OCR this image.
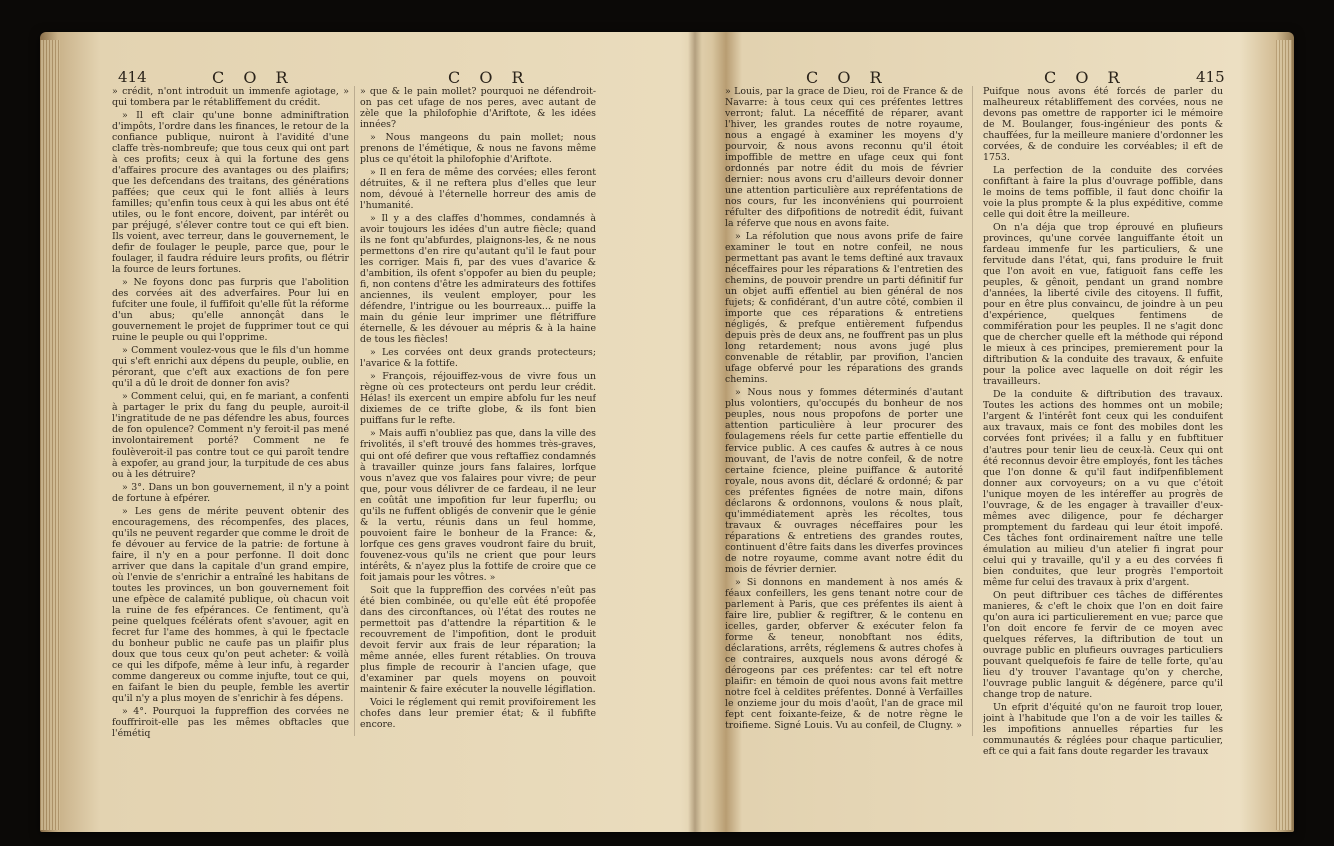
414	C O R	C O R	C O R	C O R	415

» crédit, n'ont introduit un immenfe agiotage, » qui tombera par le rétabliffement du crédit.

» Il eft clair qu'une bonne adminiftration d'impôts, l'ordre dans les finances, le retour de la confiance publique, nuiront à l'avidité d'une claffe très-nombreufe; que tous ceux qui ont part à ces profits; ceux à qui la fortune des gens d'affaires procure des avantages ou des plaifirs; que les defcendans des traitans, des générations paffées; que ceux qui le font alliés à leurs familles; qu'enfin tous ceux à qui les abus ont été utiles, ou le font encore, doivent, par intérêt ou par préjugé, s'élever contre tout ce qui eft bien. Ils voient, avec terreur, dans le gouvernement, le defir de foulager le peuple, parce que, pour le foulager, il faudra réduire leurs profits, ou flétrir la fource de leurs fortunes.

» Ne foyons donc pas furpris que l'abolition des corvées ait des adverfaires. Pour lui en fufciter une foule, il fuffifoit qu'elle fût la réforme d'un abus; qu'elle annonçât dans le gouvernement le projet de fupprimer tout ce qui ruine le peuple ou qui l'opprime.

» Comment voulez-vous que le fils d'un homme qui s'eft enrichi aux dépens du peuple, oublie, en pérorant, que c'eft aux exactions de fon pere qu'il a dû le droit de donner fon avis?

» Comment celui, qui, en fe mariant, a confenti à partager le prix du fang du peuple, auroit-il l'ingratitude de ne pas défendre les abus, fources de fon opulence? Comment n'y feroit-il pas mené involontairement porté? Comment ne fe foulèveroit-il pas contre tout ce qui paroît tendre à expofer, au grand jour, la turpitude de ces abus ou à les détruire?

» 3°. Dans un bon gouvernement, il n'y a point de fortune à efpérer.

» Les gens de mérite peuvent obtenir des encouragemens, des récompenfes, des places, qu'ils ne peuvent regarder que comme le droit de fe dévouer au fervice de la patrie: de fortune à faire, il n'y en a pour perfonne. Il doit donc arriver que dans la capitale d'un grand empire, où l'envie de s'enrichir a entraîné les habitans de toutes les provinces, un bon gouvernement foit une efpèce de calamité publique, où chacun voit la ruine de fes efpérances. Ce fentiment, qu'à peine quelques fcélérats ofent s'avouer, agit en fecret fur l'ame des hommes, à qui le fpectacle du bonheur public ne caufe pas un plaifir plus doux que tous ceux qu'on peut acheter: & voilà ce qui les difpofe, même à leur infu, à regarder comme dangereux ou comme injufte, tout ce qui, en faifant le bien du peuple, femble les avertir qu'il n'y a plus moyen de s'enrichir à fes dépens.

» 4°. Pourquoi la fuppreffion des corvées ne fouffriroit-elle pas les mêmes obftacles que l'émétiq

» que & le pain mollet? pourquoi ne défendroit-on pas cet ufage de nos peres, avec autant de zèle que la philofophie d'Ariftote, & les idées innées?

» Nous mangeons du pain mollet; nous prenons de l'émétique, & nous ne favons même plus ce qu'étoit la philofophie d'Ariftote.

» Il en fera de même des corvées; elles feront détruites, & il ne reftera plus d'elles que leur nom, dévoué à l'éternelle horreur des amis de l'humanité.

» Il y a des claffes d'hommes, condamnés à avoir toujours les idées d'un autre fiècle; quand ils ne font qu'abfurdes, plaignons-les, & ne nous permettons d'en rire qu'autant qu'il le faut pour les corriger. Mais fi, par des vues d'avarice & d'ambition, ils ofent s'oppofer au bien du peuple; fi, non contens d'être les admirateurs des fottifes anciennes, ils veulent employer, pour les défendre, l'intrigue ou les bourreaux... puiffe la main du génie leur imprimer une flétriffure éternelle, & les dévouer au mépris & à la haine de tous les fiècles!

» Les corvées ont deux grands protecteurs; l'avarice & la fottife.

» François, réjouiffez-vous de vivre fous un règne où ces protecteurs ont perdu leur crédit. Hélas! ils exercent un empire abfolu fur les neuf dixiemes de ce trifte globe, & ils font bien puiffans fur le refte.

» Mais auffi n'oubliez pas que, dans la ville des frivolités, il s'eft trouvé des hommes très-graves, qui ont ofé defirer que vous reftaffiez condamnés à travailler quinze jours fans falaires, lorfque vous n'avez que vos falaires pour vivre; de peur que, pour vous délivrer de ce fardeau, il ne leur en coûtât une impofition fur leur fuperflu; ou qu'ils ne fuffent obligés de convenir que le génie & la vertu, réunis dans un feul homme, pouvoient faire le bonheur de la France: &, lorfque ces gens graves voudront faire du bruit, fouvenez-vous qu'ils ne crient que pour leurs intérêts, & n'ayez plus la fottife de croire que ce foit jamais pour les vôtres. »

Soit que la fuppreffion des corvées n'eût pas été bien combinée, ou qu'elle eût été propofée dans des circonftances, où l'état des routes ne permettoit pas d'attendre la répartition & le recouvrement de l'impofition, dont le produit devoit fervir aux frais de leur réparation; la même année, elles furent rétablies. On trouva plus fimple de recourir à l'ancien ufage, que d'examiner par quels moyens on pouvoit maintenir & faire exécuter la nouvelle légiflation.

Voici le réglement qui remit provifoirement les chofes dans leur premier état; & il fubfifte encore.

» Louis, par la grace de Dieu, roi de France & de Navarre: à tous ceux qui ces préfentes lettres verront; falut. La néceffité de réparer, avant l'hiver, les grandes routes de notre royaume, nous a engagé à examiner les moyens d'y pourvoir, & nous avons reconnu qu'il étoit impoffible de mettre en ufage ceux qui font ordonnés par notre édit du mois de février dernier: nous avons cru d'ailleurs devoir donner une attention particulière aux repréfentations de nos cours, fur les inconvéniens qui pourroient réfulter des difpofitions de notredit édit, fuivant la réferve que nous en avons faite.

» La réfolution que nous avons prife de faire examiner le tout en notre confeil, ne nous permettant pas avant le tems deftiné aux travaux néceffaires pour les réparations & l'entretien des chemins, de pouvoir prendre un parti définitif fur un objet auffi effentiel au bien général de nos fujets; & confidérant, d'un autre côté, combien il importe que ces réparations & entretiens négligés, & prefque entièrement fufpendus depuis près de deux ans, ne fouffrent pas un plus long retardement; nous avons jugé plus convenable de rétablir, par provifion, l'ancien ufage obfervé pour les réparations des grands chemins.

» Nous nous y fommes déterminés d'autant plus volontiers, qu'occupés du bonheur de nos peuples, nous nous propofons de porter une attention particulière à leur procurer des foulagemens réels fur cette partie effentielle du fervice public. A ces caufes & autres à ce nous mouvant, de l'avis de notre confeil, & de notre certaine fcience, pleine puiffance & autorité royale, nous avons dit, déclaré & ordonné; & par ces préfentes fignées de notre main, difons déclarons & ordonnons, voulons & nous plaît, qu'immédiatement après les récoltes, tous travaux & ouvrages néceffaires pour les réparations & entretiens des grandes routes, continuent d'être faits dans les diverfes provinces de notre royaume, comme avant notre édit du mois de février dernier.

» Si donnons en mandement à nos amés & féaux confeillers, les gens tenant notre cour de parlement à Paris, que ces préfentes ils aient à faire lire, publier & regiftrer, & le contenu en icelles, garder, obferver & exécuter felon fa forme & teneur, nonobftant nos édits, déclarations, arrêts, réglemens & autres chofes à ce contraires, auxquels nous avons dérogé & dérogeons par ces préfentes: car tel eft notre plaifir: en témoin de quoi nous avons fait mettre notre fcel à celdites préfentes. Donné à Verfailles le onzieme jour du mois d'août, l'an de grace mil fept cent foixante-feize, & de notre règne le troifieme. Signé Louis. Vu au confeil, de Clugny. »

Puifque nous avons été forcés de parler du malheureux rétabliffement des corvées, nous ne devons pas omettre de rapporter ici le mémoire de M. Boulanger, fous-ingénieur des ponts & chauffées, fur la meilleure maniere d'ordonner les corvées, & de conduire les corvéables; il eft de 1753.

La perfection de la conduite des corvées confiftant à faire la plus d'ouvrage poffible, dans le moins de tems poffible, il faut donc choifir la voie la plus prompte & la plus expéditive, comme celle qui doit être la meilleure.

On n'a déja que trop éprouvé en plufieurs provinces, qu'une corvée languiffante étoit un fardeau immenfe fur les particuliers, & une fervitude dans l'état, qui, fans produire le fruit que l'on avoit en vue, fatiguoit fans ceffe les peuples, & gênoit, pendant un grand nombre d'années, la liberté civile des citoyens. Il fuffit, pour en être plus convaincu, de joindre à un peu d'expérience, quelques fentimens de commifération pour les peuples. Il ne s'agit donc que de chercher quelle eft la méthode qui répond le mieux à ces principes, premierement pour la diftribution & la conduite des travaux, & enfuite pour la police avec laquelle on doit régir les travailleurs.

De la conduite & diftribution des travaux. Toutes les actions des hommes ont un mobile; l'argent & l'intérêt font ceux qui les conduifent aux travaux, mais ce font des mobiles dont les corvées font privées; il a fallu y en fubftituer d'autres pour tenir lieu de ceux-là. Ceux qui ont été reconnus devoir être employés, font les tâches que l'on donne & qu'il faut indifpenfiblement donner aux corvoyeurs; on a vu que c'étoit l'unique moyen de les intéreffer au progrès de l'ouvrage, & de les engager à travailler d'eux-mêmes avec diligence, pour fe décharger promptement du fardeau qui leur étoit impofé. Ces tâches font ordinairement naître une telle émulation au milieu d'un atelier fi ingrat pour celui qui y travaille, qu'il y a eu des corvées fi bien conduites, que leur progrès l'emportoit même fur celui des travaux à prix d'argent.

On peut diftribuer ces tâches de différentes manieres, & c'eft le choix que l'on en doit faire qu'on aura ici particulierement en vue; parce que l'on doit encore fe fervir de ce moyen avec quelques réferves, la diftribution de tout un ouvrage public en plufieurs ouvrages particuliers pouvant quelquefois fe faire de telle forte, qu'au lieu d'y trouver l'avantage qu'on y cherche, l'ouvrage public languit & dégénere, parce qu'il change trop de nature.

Un efprit d'équité qu'on ne fauroit trop louer, joint à l'habitude que l'on a de voir les tailles & les impofitions annuelles réparties fur les communautés & réglées pour chaque particulier, eft ce qui a fait fans doute regarder les travaux
